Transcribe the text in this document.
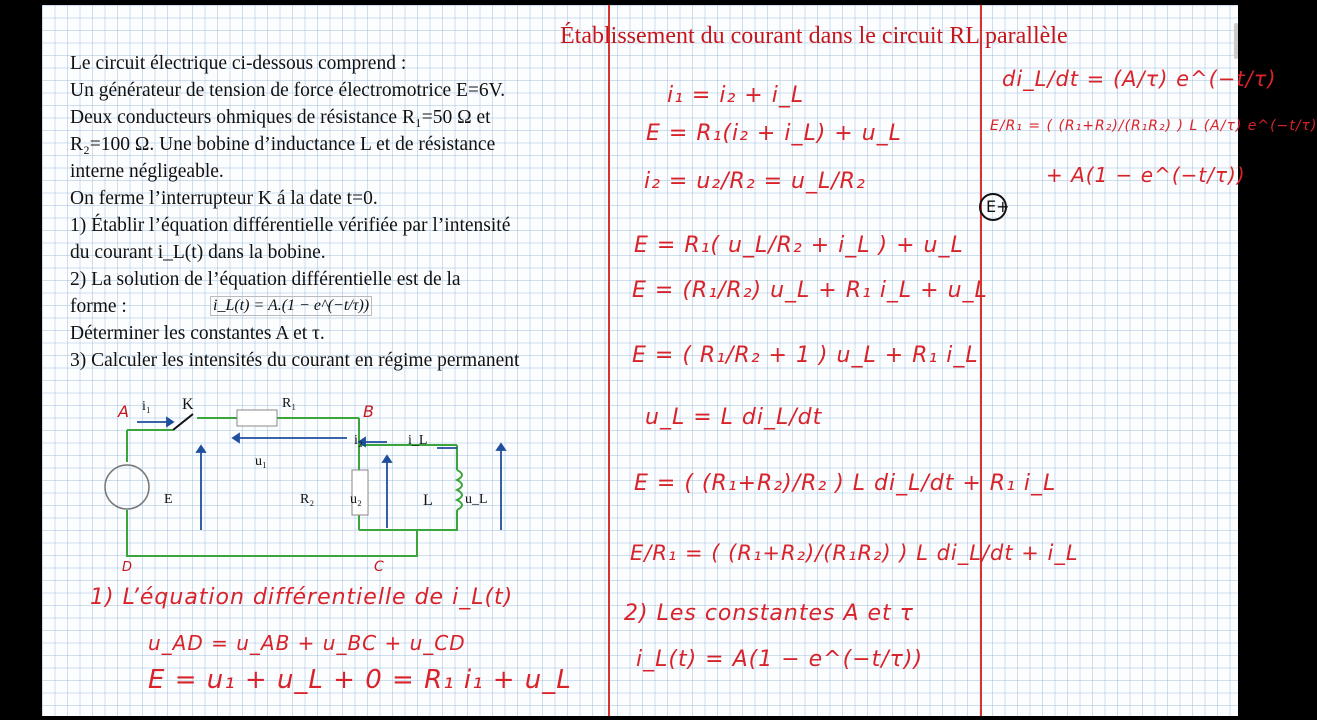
Établissement du courant dans le circuit RL parallèle
Le circuit électrique ci-dessous comprend :
Un générateur de tension de force électromotrice E=6V.
Deux conducteurs ohmiques de résistance R₁=50 Ω et
R₂=100 Ω. Une bobine d’inductance L et de résistance
interne négligeable.
On ferme l’interrupteur K á la date t=0.
1) Établir l’équation différentielle vérifiée par l’intensité
du courant i_L(t) dans la bobine.
2) La solution de l’équation différentielle est de la
forme :	i_L(t) = A.(1 − e^(−t/τ))
Déterminer les constantes A et τ.
3) Calculer les intensités du courant en régime permanent
A i₁ K	R₁	B
i₂	i_L
u₁
E	R₂	u₂	L u_L
C
D
1) L’équation différentielle de i_L(t)
u_AD = u_AB + u_BC + u_CD
E = u₁ + u_L + 0 = R₁ i₁ + u_L
i₁ = i₂ + i_L
E = R₁(i₂ + i_L) + u_L
i₂ = u₂/R₂ = u_L/R₂
E = R₁( u_L/R₂ + i_L ) + u_L
E = (R₁/R₂) u_L + R₁ i_L + u_L
E = ( R₁/R₂ + 1 ) u_L + R₁ i_L
u_L = L di_L/dt
E = ( (R₁+R₂)/R₂ ) L di_L/dt + R₁ i_L
E/R₁ = ( (R₁+R₂)/(R₁R₂) ) L di_L/dt + i_L
2) Les constantes A et τ
i_L(t) = A(1 − e^(−t/τ))
di_L/dt = (A/τ) e^(−t/τ)
E/R₁ = ( (R₁+R₂)/(R₁R₂) ) L (A/τ) e^(−t/τ)
+ A(1 − e^(−t/τ))
E+
